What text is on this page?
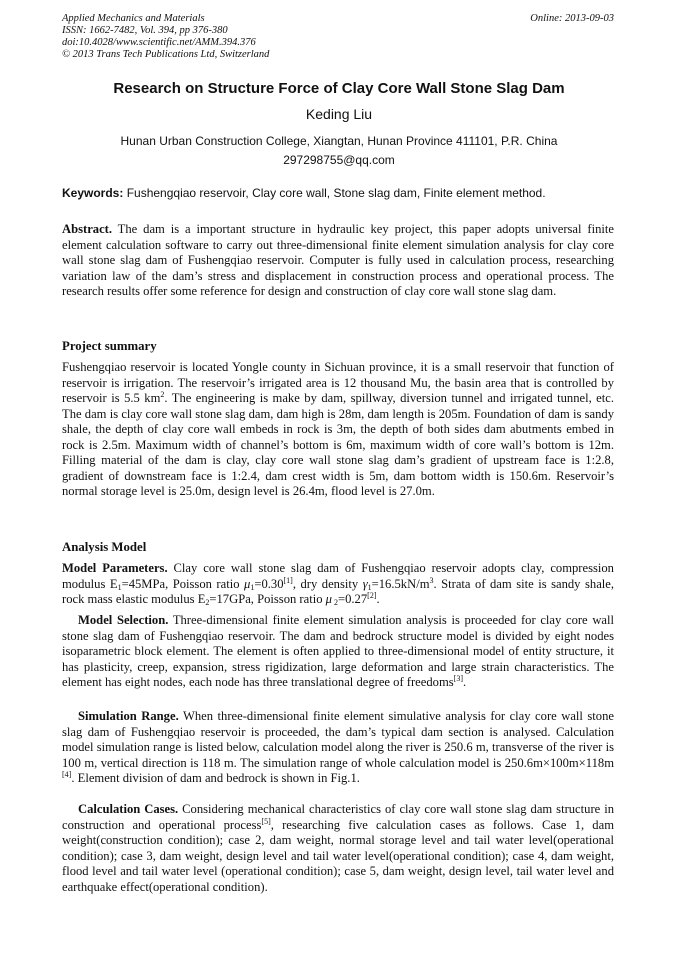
Applied Mechanics and Materials
ISSN: 1662-7482, Vol. 394, pp 376-380
doi:10.4028/www.scientific.net/AMM.394.376
© 2013 Trans Tech Publications Ltd, Switzerland
Online: 2013-09-03
Research on Structure Force of Clay Core Wall Stone Slag Dam
Keding Liu
Hunan Urban Construction College, Xiangtan, Hunan Province 411101, P.R. China
297298755@qq.com
Keywords: Fushengqiao reservoir, Clay core wall, Stone slag dam, Finite element method.
Abstract. The dam is a important structure in hydraulic key project, this paper adopts universal finite element calculation software to carry out three-dimensional finite element simulation analysis for clay core wall stone slag dam of Fushengqiao reservoir. Computer is fully used in calculation process, researching variation law of the dam’s stress and displacement in construction process and operational process. The research results offer some reference for design and construction of clay core wall stone slag dam.
Project summary
Fushengqiao reservoir is located Yongle county in Sichuan province, it is a small reservoir that function of reservoir is irrigation. The reservoir’s irrigated area is 12 thousand Mu, the basin area that is controlled by reservoir is 5.5 $km^2$. The engineering is make by dam, spillway, diversion tunnel and irrigated tunnel, etc. The dam is clay core wall stone slag dam, dam high is 28m, dam length is 205m. Foundation of dam is sandy shale, the depth of clay core wall embeds in rock is 3m, the depth of both sides dam abutments embed in rock is 2.5m. Maximum width of channel’s bottom is 6m, maximum width of core wall’s bottom is 12m. Filling material of the dam is clay, clay core wall stone slag dam’s gradient of upstream face is 1:2.8, gradient of downstream face is 1:2.4, dam crest width is 5m, dam bottom width is 150.6m. Reservoir’s normal storage level is 25.0m, design level is 26.4m, flood level is 27.0m.
Analysis Model
Model Parameters. Clay core wall stone slag dam of Fushengqiao reservoir adopts clay, compression modulus $E_1=45MPa$, Poisson ratio $\mu_1=0.30[1]$, dry density $\gamma_1=16.5kN/m^3$. Strata of dam site is sandy shale, rock mass elastic modulus $E_2=17GPa$, Poisson ratio μ $_2$=0.27[2].
Model Selection. Three-dimensional finite element simulation analysis is proceeded for clay core wall stone slag dam of Fushengqiao reservoir. The dam and bedrock structure model is divided by eight nodes isoparametric block element. The element is often applied to three-dimensional model of entity structure, it has plasticity, creep, expansion, stress rigidization, large deformation and large strain characteristics. The element has eight nodes, each node has three translational degree of freedoms[3].
Simulation Range. When three-dimensional finite element simulative analysis for clay core wall stone slag dam of Fushengqiao reservoir is proceeded, the dam’s typical dam section is analysed. Calculation model simulation range is listed below, calculation model along the river is 250.6 m, transverse of the river is 100 m, vertical direction is 118 m. The simulation range of whole calculation model is 250.6m×100m×118m [4]. Element division of dam and bedrock is shown in Fig.1.
Calculation Cases. Considering mechanical characteristics of clay core wall stone slag dam structure in construction and operational process[5], researching five calculation cases as follows. Case 1, dam weight(construction condition); case 2, dam weight, normal storage level and tail water level(operational condition); case 3, dam weight, design level and tail water level(operational condition); case 4, dam weight, flood level and tail water level (operational condition); case 5, dam weight, design level, tail water level and earthquake effect(operational condition).
